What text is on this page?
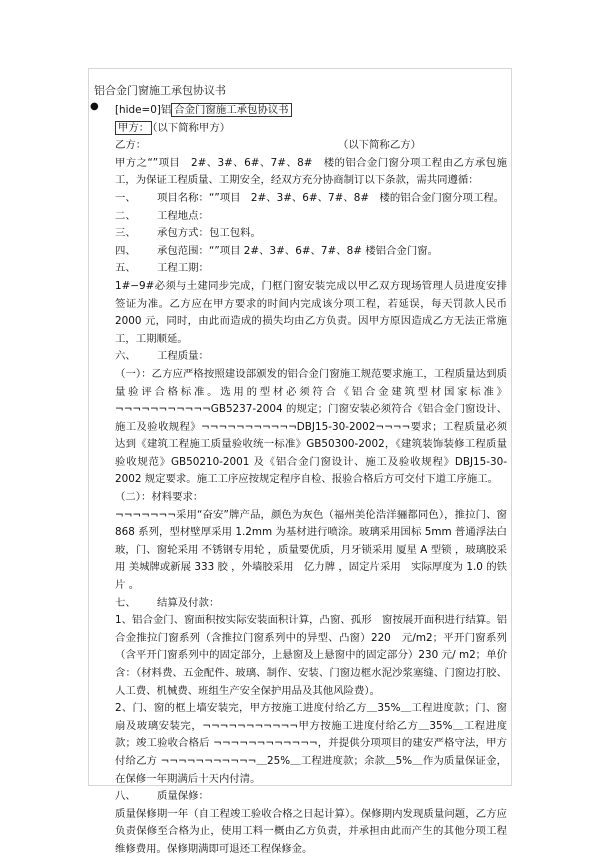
铝合金门窗施工承包协议书
● [hide=0]铝 合金门窗施工承包协议书

甲方： （以下简称甲方）

乙方：	（以下简称乙方）

甲方之“”项目　2#、3#、6#、7#、8#　楼的铝合金门窗分项工程由乙方承包施工，为保证工程质量、工期安全，经双方充分协商制订以下条款，需共同遵循：

一、	项目名称：“”项目　2#、3#、6#、7#、8#　楼的铝合金门窗分项工程。
二、	工程地点：
三、	承包方式：包工包料。
四、	承包范围：“”项目 2#、3#、6#、7#、8# 楼铝合金门窗。
五、	工程工期：

1#−9#必须与土建同步完成，门框门窗安装完成以甲乙双方现场管理人员进度安排签证为准。乙方应在甲方要求的时间内完成该分项工程，若延误，每天罚款人民币 2000 元，同时，由此而造成的损失均由乙方负责。因甲方原因造成乙方无法正常施工，工期顺延。

六、	工程质量：

（一）：乙方应严格按照建设部颁发的铝合金门窗施工规范要求施工，工程质量达到质量验评合格标准。选用的型材必须符合《铝合金建筑型材国家标准》¬¬¬¬¬¬¬¬¬¬¬GB5237-2004 的规定；门窗安装必须符合《铝合金门窗设计、施工及验收规程》¬¬¬¬¬¬¬¬¬¬¬DBJ15-30-2002¬¬¬¬要求；工程质量必须达到《建筑工程施工质量验收统一标准》GB50300-2002，《建筑装饰装修工程质量验收规范》GB50210-2001 及《铝合金门窗设计、施工及验收规程》DBJ15-30-2002 规定要求。施工工序应按规定程序自检、报验合格后方可交付下道工序施工。

（二）：材料要求：

¬¬¬¬¬¬¬采用“奋安”牌产品，颜色为灰色（福州美伦浩洋骊都同色），推拉门、窗 868 系列，型材壁厚采用 1.2mm 为基材进行喷涂。玻璃采用国标 5mm 普通浮法白玻，门、窗轮采用 不锈钢专用轮 ，质量要优质，月牙锁采用 厦星 A 型锁 ，玻璃胶采用 美城牌或新展 333 胶 ，外墙胶采用　亿力牌 ，固定片采用　实际厚度为 1.0 的铁片 。

七、	结算及付款：

1、铝合金门、窗面积按实际安装面积计算，凸窗、孤形　窗按展开面积进行结算。铝合金推拉门窗系列（含推拉门窗系列中的异型、凸窗）220　元/m2；平开门窗系列（含平开门窗系列中的固定部分，上悬窗及上悬窗中的固定部分）230 元/ m2；单价含：（材料费、五金配件、玻璃、制作、安装、门窗边框水泥沙浆塞缝、门窗边打胶、人工费、机械费、班组生产安全保护用品及其他风险费）。

2、门、窗的框上墙安装完，甲方按施工进度付给乙方＿35%＿工程进度款；门、窗扇及玻璃安装完，¬¬¬¬¬¬¬¬¬¬¬甲方按施工进度付给乙方＿35%＿工程进度款；竣工验收合格后 ¬¬¬¬¬¬¬¬¬¬¬¬，并提供分项项目的建安严格守法，甲方付给乙方 ¬¬¬¬¬¬¬¬¬¬¬＿25%＿工程进度款；余款＿5%＿作为质量保证金，在保修一年期满后十天内付清。

八、	质量保修：

质量保修期一年（自工程竣工验收合格之日起计算）。保修期内发现质量问题，乙方应负责保修至合格为止，使用工料一概由乙方负责，并承担由此而产生的其他分项工程维修费用。保修期满即可退还工程保修金。
